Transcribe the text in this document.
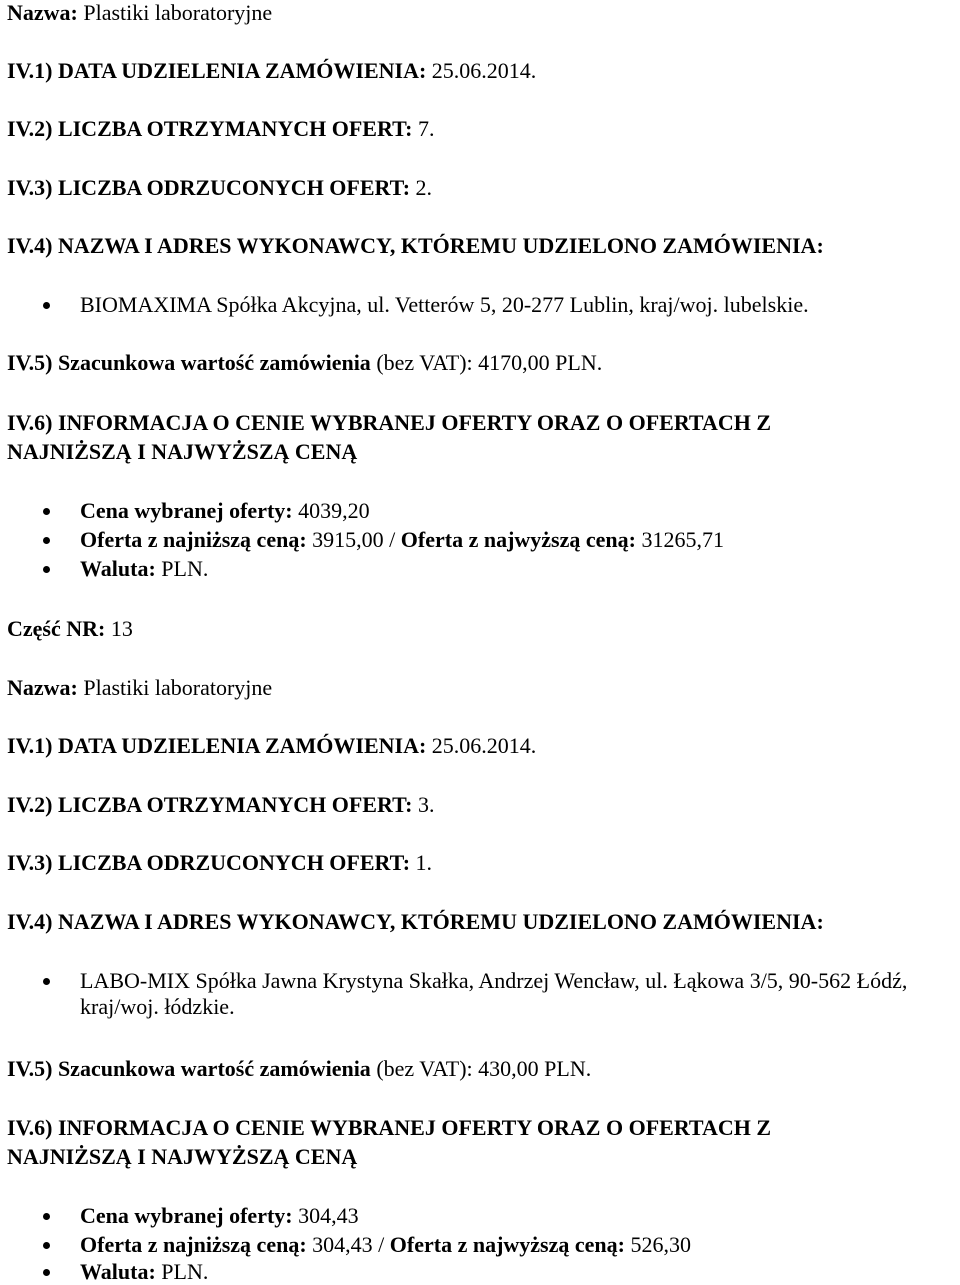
Nazwa: Plastiki laboratoryjne
IV.1) DATA UDZIELENIA ZAMÓWIENIA: 25.06.2014.
IV.2) LICZBA OTRZYMANYCH OFERT: 7.
IV.3) LICZBA ODRZUCONYCH OFERT: 2.
IV.4) NAZWA I ADRES WYKONAWCY, KTÓREMU UDZIELONO ZAMÓWIENIA:
BIOMAXIMA Spółka Akcyjna, ul. Vetterów 5, 20-277 Lublin, kraj/woj. lubelskie.
IV.5) Szacunkowa wartość zamówienia (bez VAT): 4170,00 PLN.
IV.6) INFORMACJA O CENIE WYBRANEJ OFERTY ORAZ O OFERTACH Z
NAJNIŻSZĄ I NAJWYŻSZĄ CENĄ
Cena wybranej oferty: 4039,20
Oferta z najniższą ceną: 3915,00 / Oferta z najwyższą ceną: 31265,71
Waluta: PLN.
Część NR: 13
Nazwa: Plastiki laboratoryjne
IV.1) DATA UDZIELENIA ZAMÓWIENIA: 25.06.2014.
IV.2) LICZBA OTRZYMANYCH OFERT: 3.
IV.3) LICZBA ODRZUCONYCH OFERT: 1.
IV.4) NAZWA I ADRES WYKONAWCY, KTÓREMU UDZIELONO ZAMÓWIENIA:
LABO-MIX Spółka Jawna Krystyna Skałka, Andrzej Wencław, ul. Łąkowa 3/5, 90-562 Łódź, kraj/woj. łódzkie.
IV.5) Szacunkowa wartość zamówienia (bez VAT): 430,00 PLN.
IV.6) INFORMACJA O CENIE WYBRANEJ OFERTY ORAZ O OFERTACH Z
NAJNIŻSZĄ I NAJWYŻSZĄ CENĄ
Cena wybranej oferty: 304,43
Oferta z najniższą ceną: 304,43 / Oferta z najwyższą ceną: 526,30
Waluta: PLN.
